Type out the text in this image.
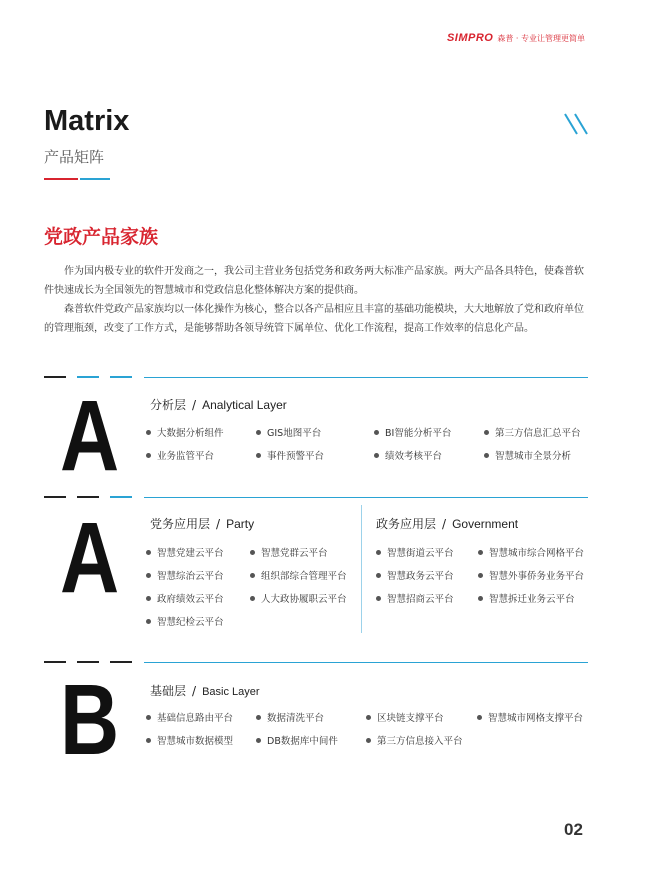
SIMPRO 森普 · 专业让管理更简单
Matrix
产品矩阵
党政产品家族

作为国内极专业的软件开发商之一，我公司主营业务包括党务和政务两大标准产品家族。两大产品各具特色，使森普软件快速成长为全国领先的智慧城市和党政信息化整体解决方案的提供商。

森普软件党政产品家族均以一体化操作为核心，整合以各产品相应且丰富的基础功能模块，大大地解放了党和政府单位的管理瓶颈，改变了工作方式，是能够帮助各领导统管下属单位、优化工作流程，提高工作效率的信息化产品。

A	分析层 / Analytical Layer
大数据分析组件	GIS地图平台	BI智能分析平台	第三方信息汇总平台
业务监管平台	事件预警平台	绩效考核平台	智慧城市全景分析
A	党务应用层 / Party	政务应用层 / Government
智慧党建云平台	智慧党群云平台
智慧综治云平台	组织部综合管理平台
政府绩效云平台	人大政协履职云平台
智慧纪检云平台
智慧街道云平台	智慧城市综合网格平台
智慧政务云平台	智慧外事侨务业务平台
智慧招商云平台	智慧拆迁业务云平台
B	基础层 / Basic Layer
基础信息路由平台	数据清洗平台	区块链支撑平台	智慧城市网格支撑平台
智慧城市数据模型	DB数据库中间件	第三方信息接入平台
02
